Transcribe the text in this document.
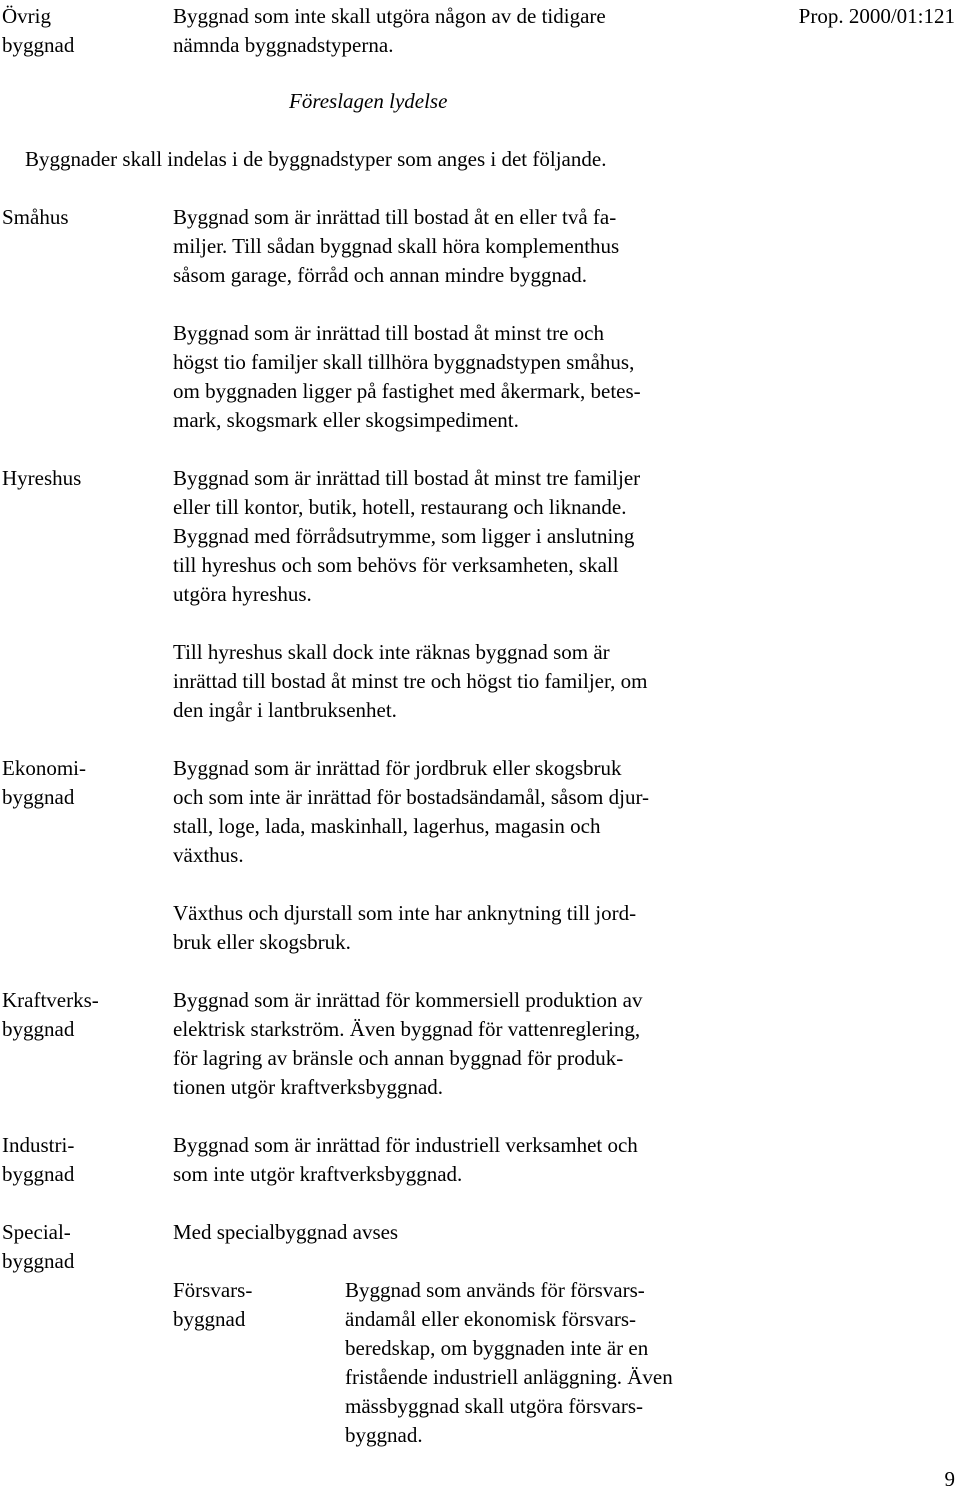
Övrig
byggnad
Byggnad som inte skall utgöra någon av de tidigare
nämnda byggnadstyperna.
Prop. 2000/01:121
Föreslagen lydelse
Byggnader skall indelas i de byggnadstyper som anges i det följande.
Småhus	Byggnad som är inrättad till bostad åt en eller två fa-
miljer. Till sådan byggnad skall höra komplementhus
såsom garage, förråd och annan mindre byggnad.
Byggnad som är inrättad till bostad åt minst tre och
högst tio familjer skall tillhöra byggnadstypen småhus,
om byggnaden ligger på fastighet med åkermark, betes-
mark, skogsmark eller skogsimpediment.
Hyreshus	Byggnad som är inrättad till bostad åt minst tre familjer
eller till kontor, butik, hotell, restaurang och liknande.
Byggnad med förrådsutrymme, som ligger i anslutning
till hyreshus och som behövs för verksamheten, skall
utgöra hyreshus.
Till hyreshus skall dock inte räknas byggnad som är
inrättad till bostad åt minst tre och högst tio familjer, om
den ingår i lantbruksenhet.
Ekonomi-
byggnad
Byggnad som är inrättad för jordbruk eller skogsbruk
och som inte är inrättad för bostadsändamål, såsom djur-
stall, loge, lada, maskinhall, lagerhus, magasin och
växthus.
Växthus och djurstall som inte har anknytning till jord-
bruk eller skogsbruk.
Kraftverks-
byggnad
Byggnad som är inrättad för kommersiell produktion av
elektrisk starkström. Även byggnad för vattenreglering,
för lagring av bränsle och annan byggnad för produk-
tionen utgör kraftverksbyggnad.
Industri-
byggnad
Byggnad som är inrättad för industriell verksamhet och
som inte utgör kraftverksbyggnad.
Special-
byggnad
Med specialbyggnad avses
Försvars-
byggnad
Byggnad som används för försvars-
ändamål eller ekonomisk försvars-
beredskap, om byggnaden inte är en
fristående industriell anläggning. Även
mässbyggnad skall utgöra försvars-
byggnad.
9
